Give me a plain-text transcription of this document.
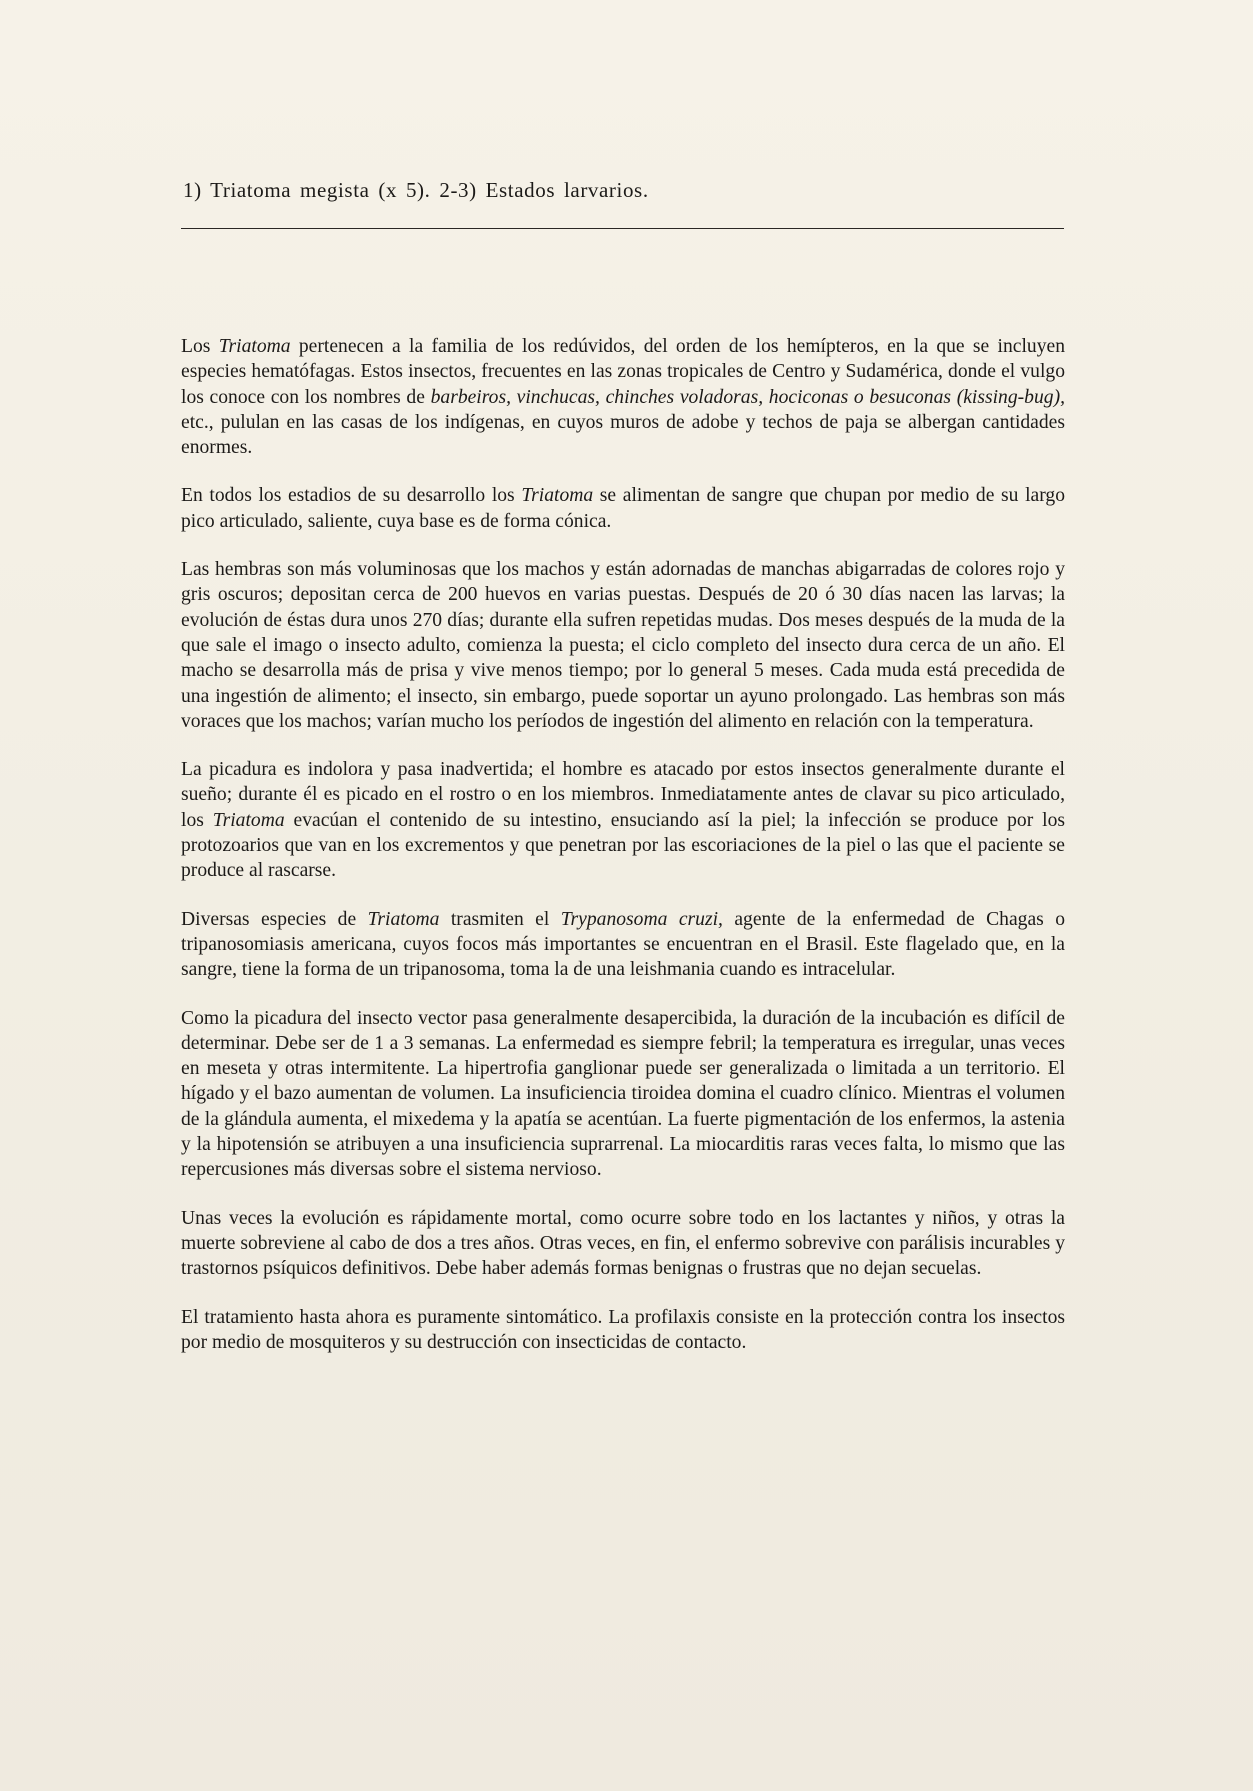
1) Triatoma megista (x 5). 2-3) Estados larvarios.

Los Triatoma pertenecen a la familia de los redúvidos, del orden de los hemípteros, en la que se incluyen especies hematófagas. Estos insectos, frecuentes en las zonas tropicales de Centro y Sudamérica, donde el vulgo los conoce con los nombres de barbeiros, vinchucas, chinches voladoras, hociconas o besuconas (kissing-bug), etc., pululan en las casas de los indígenas, en cuyos muros de adobe y techos de paja se albergan cantidades enormes.

En todos los estadios de su desarrollo los Triatoma se alimentan de sangre que chupan por medio de su largo pico articulado, saliente, cuya base es de forma cónica.

Las hembras son más voluminosas que los machos y están adornadas de manchas abigarradas de colores rojo y gris oscuros; depositan cerca de 200 huevos en varias puestas. Después de 20 ó 30 días nacen las larvas; la evolución de éstas dura unos 270 días; durante ella sufren repetidas mudas. Dos meses después de la muda de la que sale el imago o insecto adulto, comienza la puesta; el ciclo completo del insecto dura cerca de un año. El macho se desarrolla más de prisa y vive menos tiempo; por lo general 5 meses. Cada muda está precedida de una ingestión de alimento; el insecto, sin embargo, puede soportar un ayuno prolongado. Las hembras son más voraces que los machos; varían mucho los períodos de ingestión del alimento en relación con la temperatura.

La picadura es indolora y pasa inadvertida; el hombre es atacado por estos insectos generalmente durante el sueño; durante él es picado en el rostro o en los miembros. Inmediatamente antes de clavar su pico articulado, los Triatoma evacúan el contenido de su intestino, ensuciando así la piel; la infección se produce por los protozoarios que van en los excrementos y que penetran por las escoriaciones de la piel o las que el paciente se produce al rascarse.

Diversas especies de Triatoma trasmiten el Trypanosoma cruzi, agente de la enfermedad de Chagas o tripanosomiasis americana, cuyos focos más importantes se encuentran en el Brasil. Este flagelado que, en la sangre, tiene la forma de un tripanosoma, toma la de una leishmania cuando es intracelular.

Como la picadura del insecto vector pasa generalmente desapercibida, la duración de la incubación es difícil de determinar. Debe ser de 1 a 3 semanas. La enfermedad es siempre febril; la temperatura es irregular, unas veces en meseta y otras intermitente. La hipertrofia ganglionar puede ser generalizada o limitada a un territorio. El hígado y el bazo aumentan de volumen. La insuficiencia tiroidea domina el cuadro clínico. Mientras el volumen de la glándula aumenta, el mixedema y la apatía se acentúan. La fuerte pigmentación de los enfermos, la astenia y la hipotensión se atribuyen a una insuficiencia suprarrenal. La miocarditis raras veces falta, lo mismo que las repercusiones más diversas sobre el sistema nervioso.

Unas veces la evolución es rápidamente mortal, como ocurre sobre todo en los lactantes y niños, y otras la muerte sobreviene al cabo de dos a tres años. Otras veces, en fin, el enfermo sobrevive con parálisis incurables y trastornos psíquicos definitivos. Debe haber además formas benignas o frustras que no dejan secuelas.

El tratamiento hasta ahora es puramente sintomático. La profilaxis consiste en la protección contra los insectos por medio de mosquiteros y su destrucción con insecticidas de contacto.
